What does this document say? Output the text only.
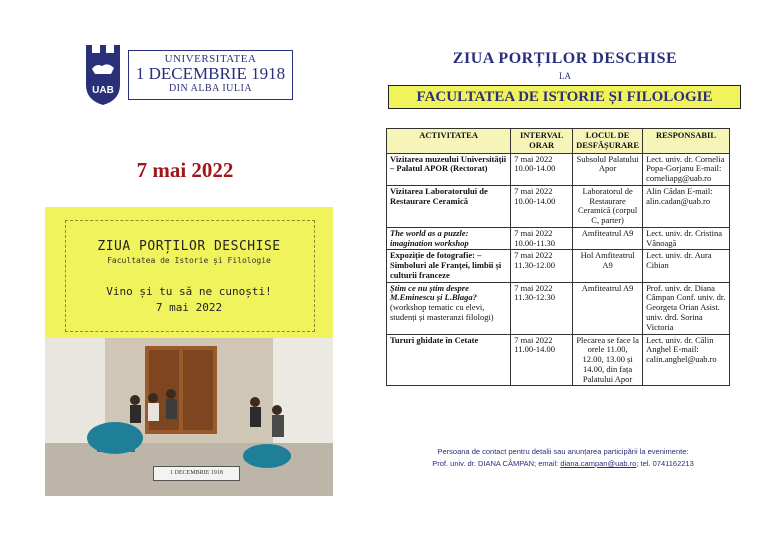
UAB
UNIVERSITATEA
1 DECEMBRIE 1918
DIN ALBA IULIA
7 mai 2022
ZIUA PORȚILOR DESCHISE
Facultatea de Istorie și Filologie
Vino și tu să ne cunoști!
7 mai 2022
1 DECEMBRIE 1918
ZIUA PORȚILOR DESCHISE
LA
FACULTATEA DE ISTORIE ȘI FILOLOGIE
ACTIVITATEA	INTERVAL ORAR	LOCUL DE DESFĂȘURARE	RESPONSABIL
Vizitarea muzeului Universității – Palatul APOR (Rectorat)	7 mai 2022 10.00-14.00	Subsolul Palatului Apor	Lect. univ. dr. Cornelia Popa-Gorjanu E-mail: corneliapg@uab.ro
Vizitarea Laboratorului de Restaurare Ceramică	7 mai 2022 10.00-14.00	Laboratorul de Restaurare Ceramică (corpul C, parter)	Alin Cădan E-mail: alin.cadan@uab.ro
The world as a puzzle: imagination workshop	7 mai 2022 10.00-11.30	Amfiteatrul A9	Lect. univ. dr. Cristina Vânoagă
Expoziție de fotografie: – Simboluri ale Franței, limbii și culturii franceze	7 mai 2022 11.30-12.00	Hol Amfiteatrul A9	Lect. univ. dr. Aura Cibian
Știm ce nu știm despre M.Eminescu și L.Blaga? (workshop tematic cu elevi, studenți și masteranzi filologi)	7 mai 2022 11.30-12.30	Amfiteatrul A9	Prof. univ. dr. Diana Câmpan Conf. univ. dr. Georgeta Orian Asist. univ. drd. Sorina Victoria
Tururi ghidate în Cetate	7 mai 2022 11.00-14.00	Plecarea se face la orele 11.00, 12.00, 13.00 și 14.00, din fața Palatului Apor	Lect. univ. dr. Călin Anghel E-mail: calin.anghel@uab.ro
Persoana de contact pentru detalii sau anunțarea participării la evenimente:
Prof. univ. dr. DIANA CÂMPAN; email: diana.campan@uab.ro; tel. 0741162213
